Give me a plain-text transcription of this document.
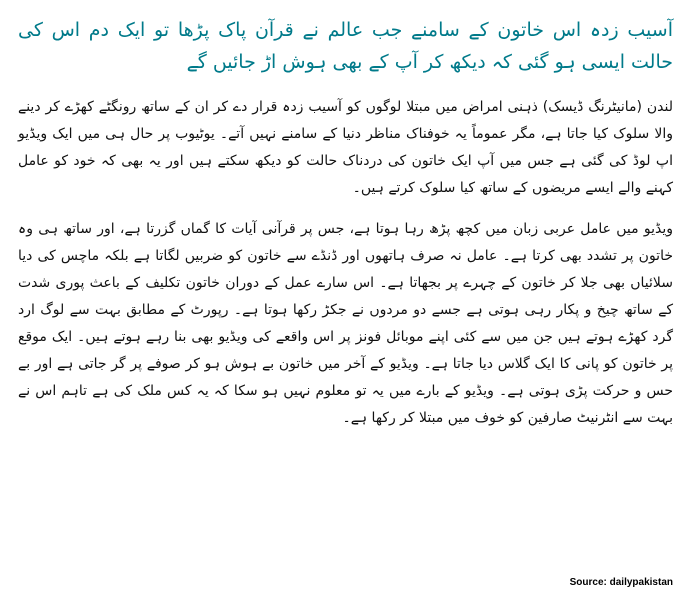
آسیب زدہ اس خاتون کے سامنے جب عالم نے قرآن پاک پڑھا تو ایک دم اس کی حالت ایسی ہو گئی کہ دیکھ کر آپ کے بھی ہوش اڑ جائیں گے

لندن (مانیٹرنگ ڈیسک) ذہنی امراض میں مبتلا لوگوں کو آسیب زدہ قرار دے کر ان کے ساتھ رونگٹے کھڑے کر دینے والا سلوک کیا جاتا ہے، مگر عموماً یہ خوفناک مناظر دنیا کے سامنے نہیں آتے۔ یوٹیوب پر حال ہی میں ایک ویڈیو اپ لوڈ کی گئی ہے جس میں آپ ایک خاتون کی دردناک حالت کو دیکھ سکتے ہیں اور یہ بھی کہ خود کو عامل کہنے والے ایسے مریضوں کے ساتھ کیا سلوک کرتے ہیں۔

ویڈیو میں عامل عربی زبان میں کچھ پڑھ رہا ہوتا ہے، جس پر قرآنی آیات کا گماں گزرتا ہے، اور ساتھ ہی وہ خاتون پر تشدد بھی کرتا ہے۔ عامل نہ صرف ہاتھوں اور ڈنڈے سے خاتون کو ضربیں لگاتا ہے بلکہ ماچس کی دیا سلائیاں بھی جلا کر خاتون کے چہرے پر بجھاتا ہے۔ اس سارے عمل کے دوران خاتون تکلیف کے باعث پوری شدت کے ساتھ چیخ و پکار رہی ہوتی ہے جسے دو مردوں نے جکڑ رکھا ہوتا ہے۔ رپورٹ کے مطابق بہت سے لوگ ارد گرد کھڑے ہوتے ہیں جن میں سے کئی اپنے موبائل فونز پر اس واقعے کی ویڈیو بھی بنا رہے ہوتے ہیں۔ ایک موقع پر خاتون کو پانی کا ایک گلاس دیا جاتا ہے۔ ویڈیو کے آخر میں خاتون بے ہوش ہو کر صوفے پر گر جاتی ہے اور بے حس و حرکت پڑی ہوتی ہے۔ ویڈیو کے بارے میں یہ تو معلوم نہیں ہو سکا کہ یہ کس ملک کی ہے تاہم اس نے بہت سے انٹرنیٹ صارفین کو خوف میں مبتلا کر رکھا ہے۔

Source: dailypakistan
